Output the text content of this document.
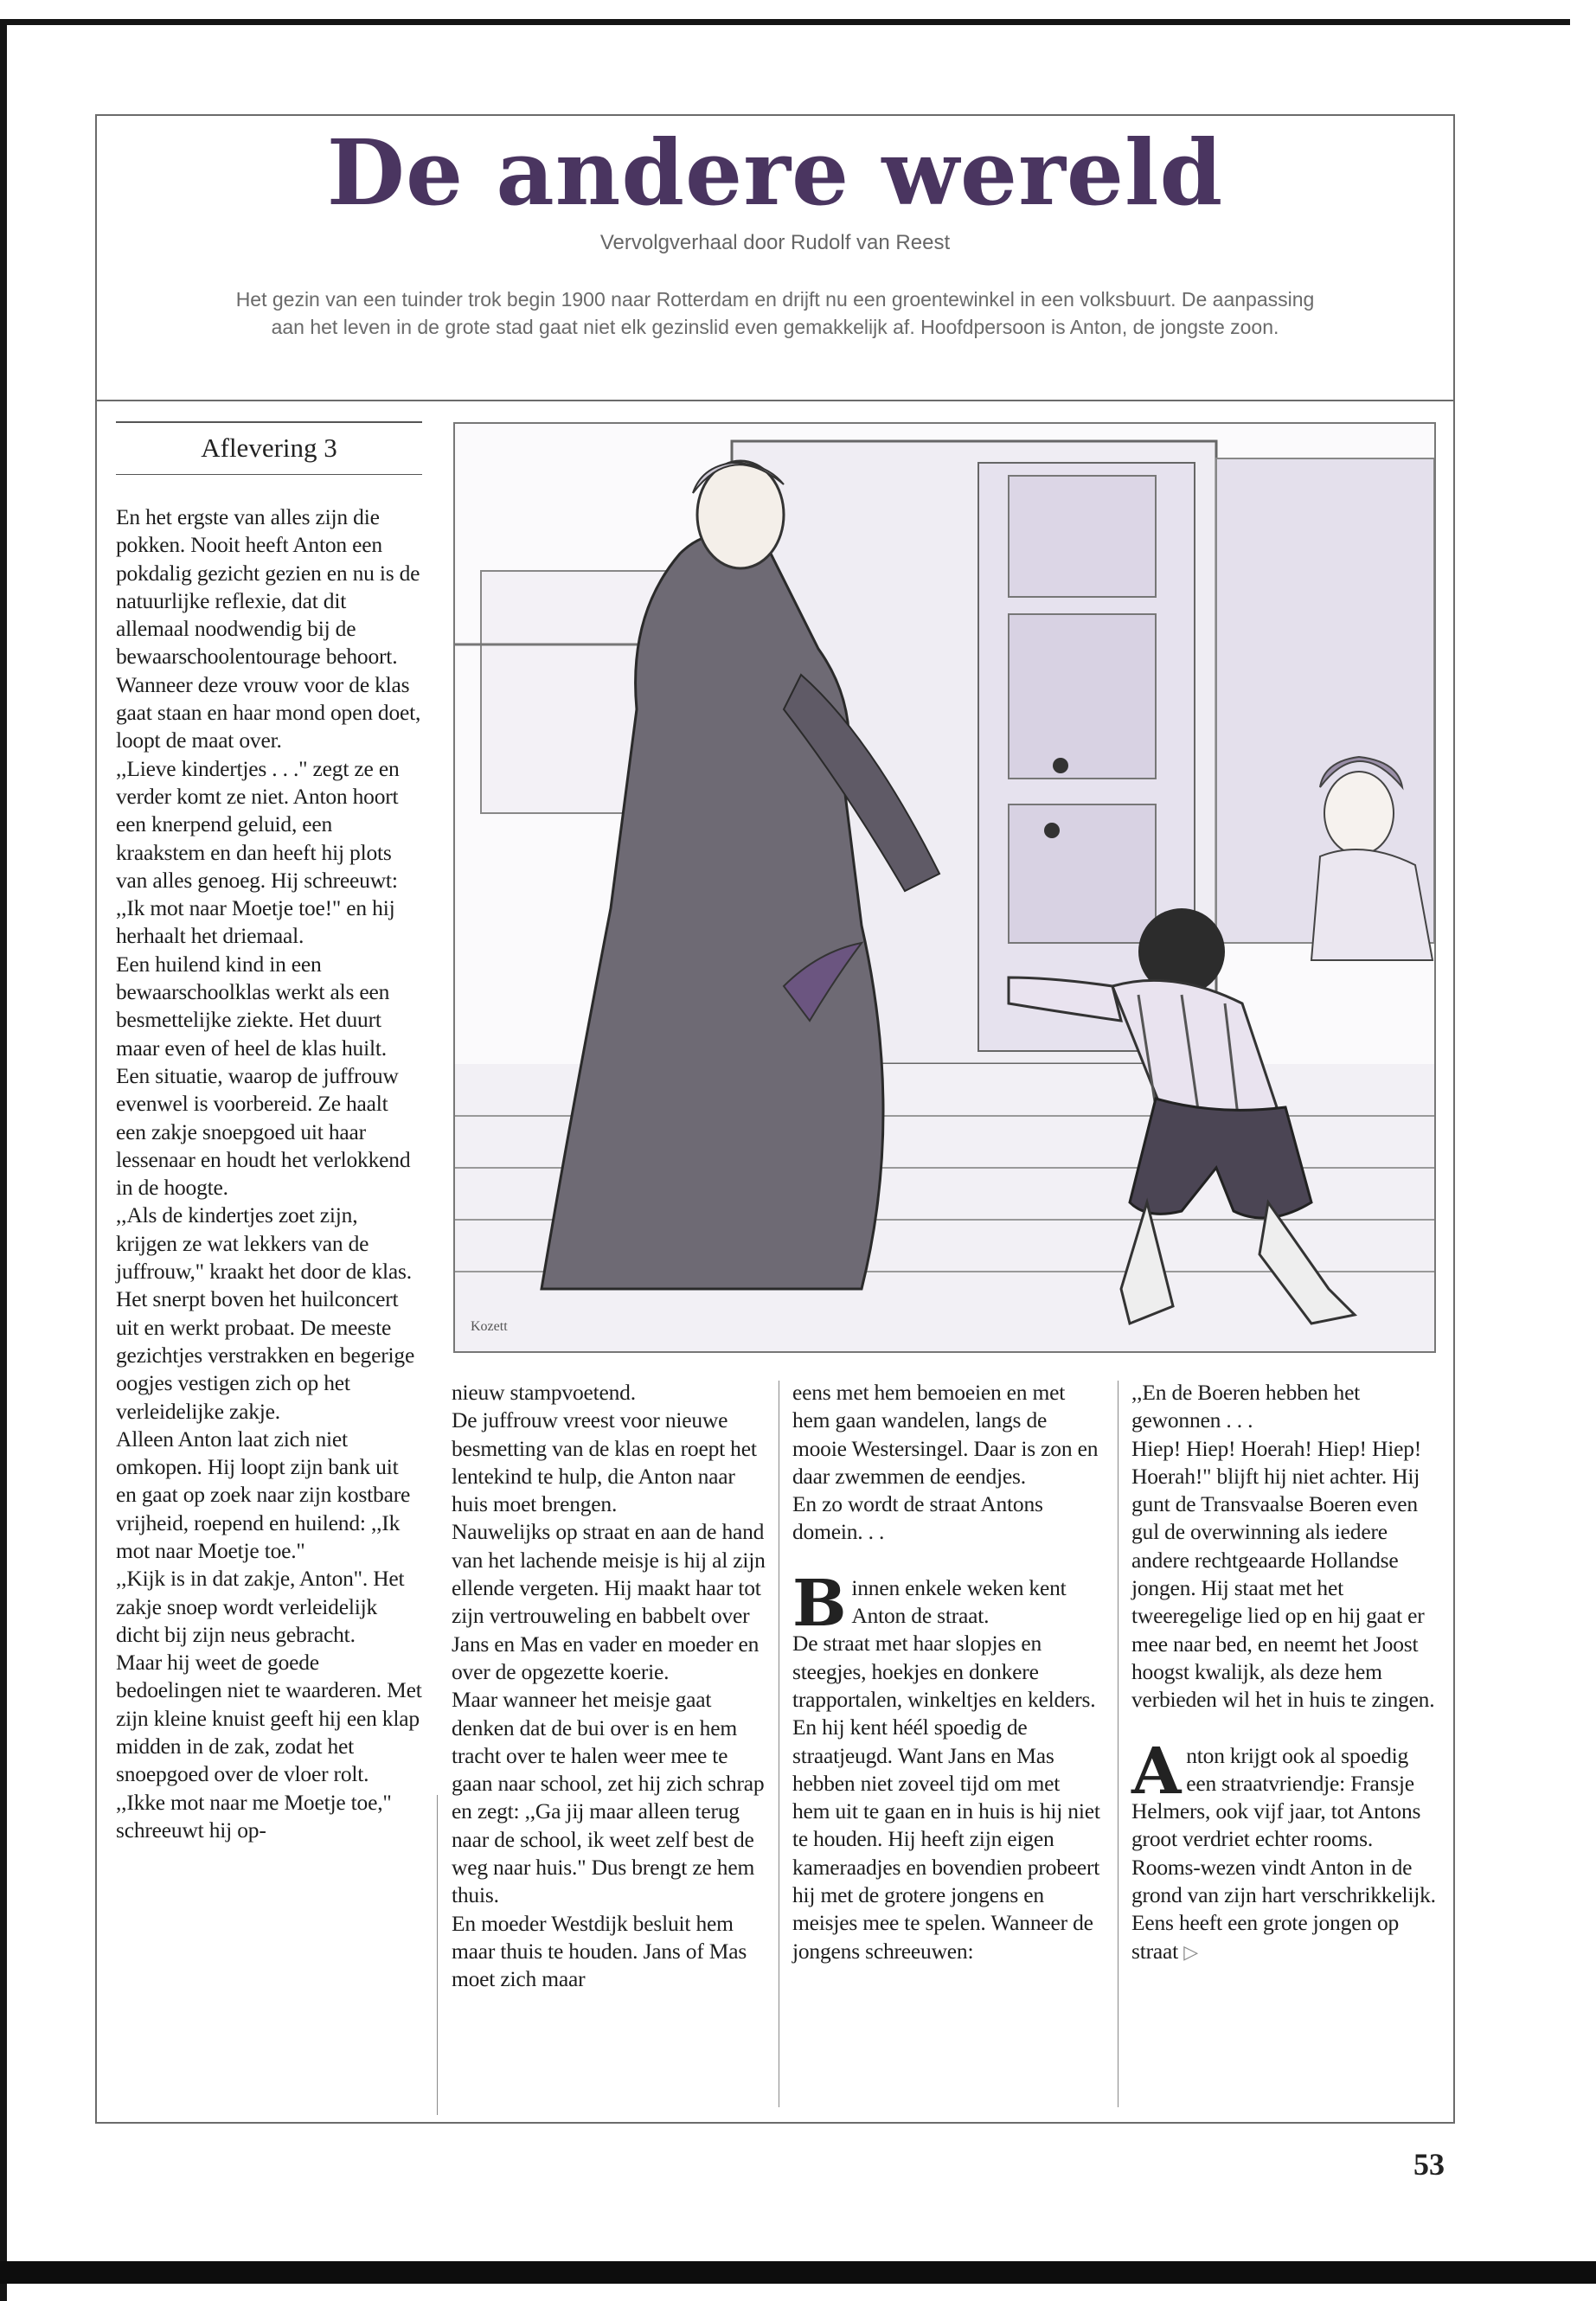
De andere wereld
Vervolgverhaal door Rudolf van Reest
Het gezin van een tuinder trok begin 1900 naar Rotterdam en drijft nu een groentewinkel in een volksbuurt. De aanpassing aan het leven in de grote stad gaat niet elk gezinslid even gemakkelijk af. Hoofdpersoon is Anton, de jongste zoon.
Aflevering 3
En het ergste van alles zijn die pokken. Nooit heeft Anton een pokdalig gezicht gezien en nu is de natuurlijke reflexie, dat dit allemaal noodwendig bij de bewaarschoolentourage behoort. Wanneer deze vrouw voor de klas gaat staan en haar mond open doet, loopt de maat over.
,,Lieve kindertjes . . ." zegt ze en verder komt ze niet. Anton hoort een knerpend geluid, een kraakstem en dan heeft hij plots van alles genoeg. Hij schreeuwt: ,,Ik mot naar Moetje toe!" en hij herhaalt het driemaal.
Een huilend kind in een bewaarschoolklas werkt als een besmettelijke ziekte. Het duurt maar even of heel de klas huilt. Een situatie, waarop de juffrouw evenwel is voorbereid. Ze haalt een zakje snoepgoed uit haar lessenaar en houdt het verlokkend in de hoogte.
,,Als de kindertjes zoet zijn, krijgen ze wat lekkers van de juffrouw," kraakt het door de klas. Het snerpt boven het huilconcert uit en werkt probaat. De meeste gezichtjes verstrakken en begerige oogjes vestigen zich op het verleidelijke zakje.
Alleen Anton laat zich niet omkopen. Hij loopt zijn bank uit en gaat op zoek naar zijn kostbare vrijheid, roepend en huilend: ,,Ik mot naar Moetje toe."
,,Kijk is in dat zakje, Anton". Het zakje snoep wordt verleidelijk dicht bij zijn neus gebracht.
Maar hij weet de goede bedoelingen niet te waarderen. Met zijn kleine knuist geeft hij een klap midden in de zak, zodat het snoepgoed over de vloer rolt.
,,Ikke mot naar me Moetje toe," schreeuwt hij op-
nieuw stampvoetend.
De juffrouw vreest voor nieuwe besmetting van de klas en roept het lentekind te hulp, die Anton naar huis moet brengen.
Nauwelijks op straat en aan de hand van het lachende meisje is hij al zijn ellende vergeten. Hij maakt haar tot zijn vertrouweling en babbelt over Jans en Mas en vader en moeder en over de opgezette koerie.
Maar wanneer het meisje gaat denken dat de bui over is en hem tracht over te halen weer mee te gaan naar school, zet hij zich schrap en zegt: ,,Ga jij maar alleen terug naar de school, ik weet zelf best de weg naar huis." Dus brengt ze hem thuis.
En moeder Westdijk besluit hem maar thuis te houden. Jans of Mas moet zich maar
eens met hem bemoeien en met hem gaan wandelen, langs de mooie Westersingel. Daar is zon en daar zwemmen de eendjes.
En zo wordt de straat Antons domein. . .
Binnen enkele weken kent Anton de straat.
De straat met haar slopjes en steegjes, hoekjes en donkere trapportalen, winkeltjes en kelders.
En hij kent héél spoedig de straatjeugd. Want Jans en Mas hebben niet zoveel tijd om met hem uit te gaan en in huis is hij niet te houden. Hij heeft zijn eigen kameraadjes en bovendien probeert hij met de grotere jongens en meisjes mee te spelen. Wanneer de jongens schreeuwen:
,,En de Boeren hebben het gewonnen . . .
Hiep! Hiep! Hoerah! Hiep! Hiep! Hoerah!" blijft hij niet achter. Hij gunt de Transvaalse Boeren even gul de overwinning als iedere andere rechtgeaarde Hollandse jongen. Hij staat met het tweeregelige lied op en hij gaat er mee naar bed, en neemt het Joost hoogst kwalijk, als deze hem verbieden wil het in huis te zingen.
Anton krijgt ook al spoedig een straatvriendje: Fransje Helmers, ook vijf jaar, tot Antons groot verdriet echter rooms. Rooms-wezen vindt Anton in de grond van zijn hart verschrikkelijk. Eens heeft een grote jongen op straat ▷
Kozett
53
